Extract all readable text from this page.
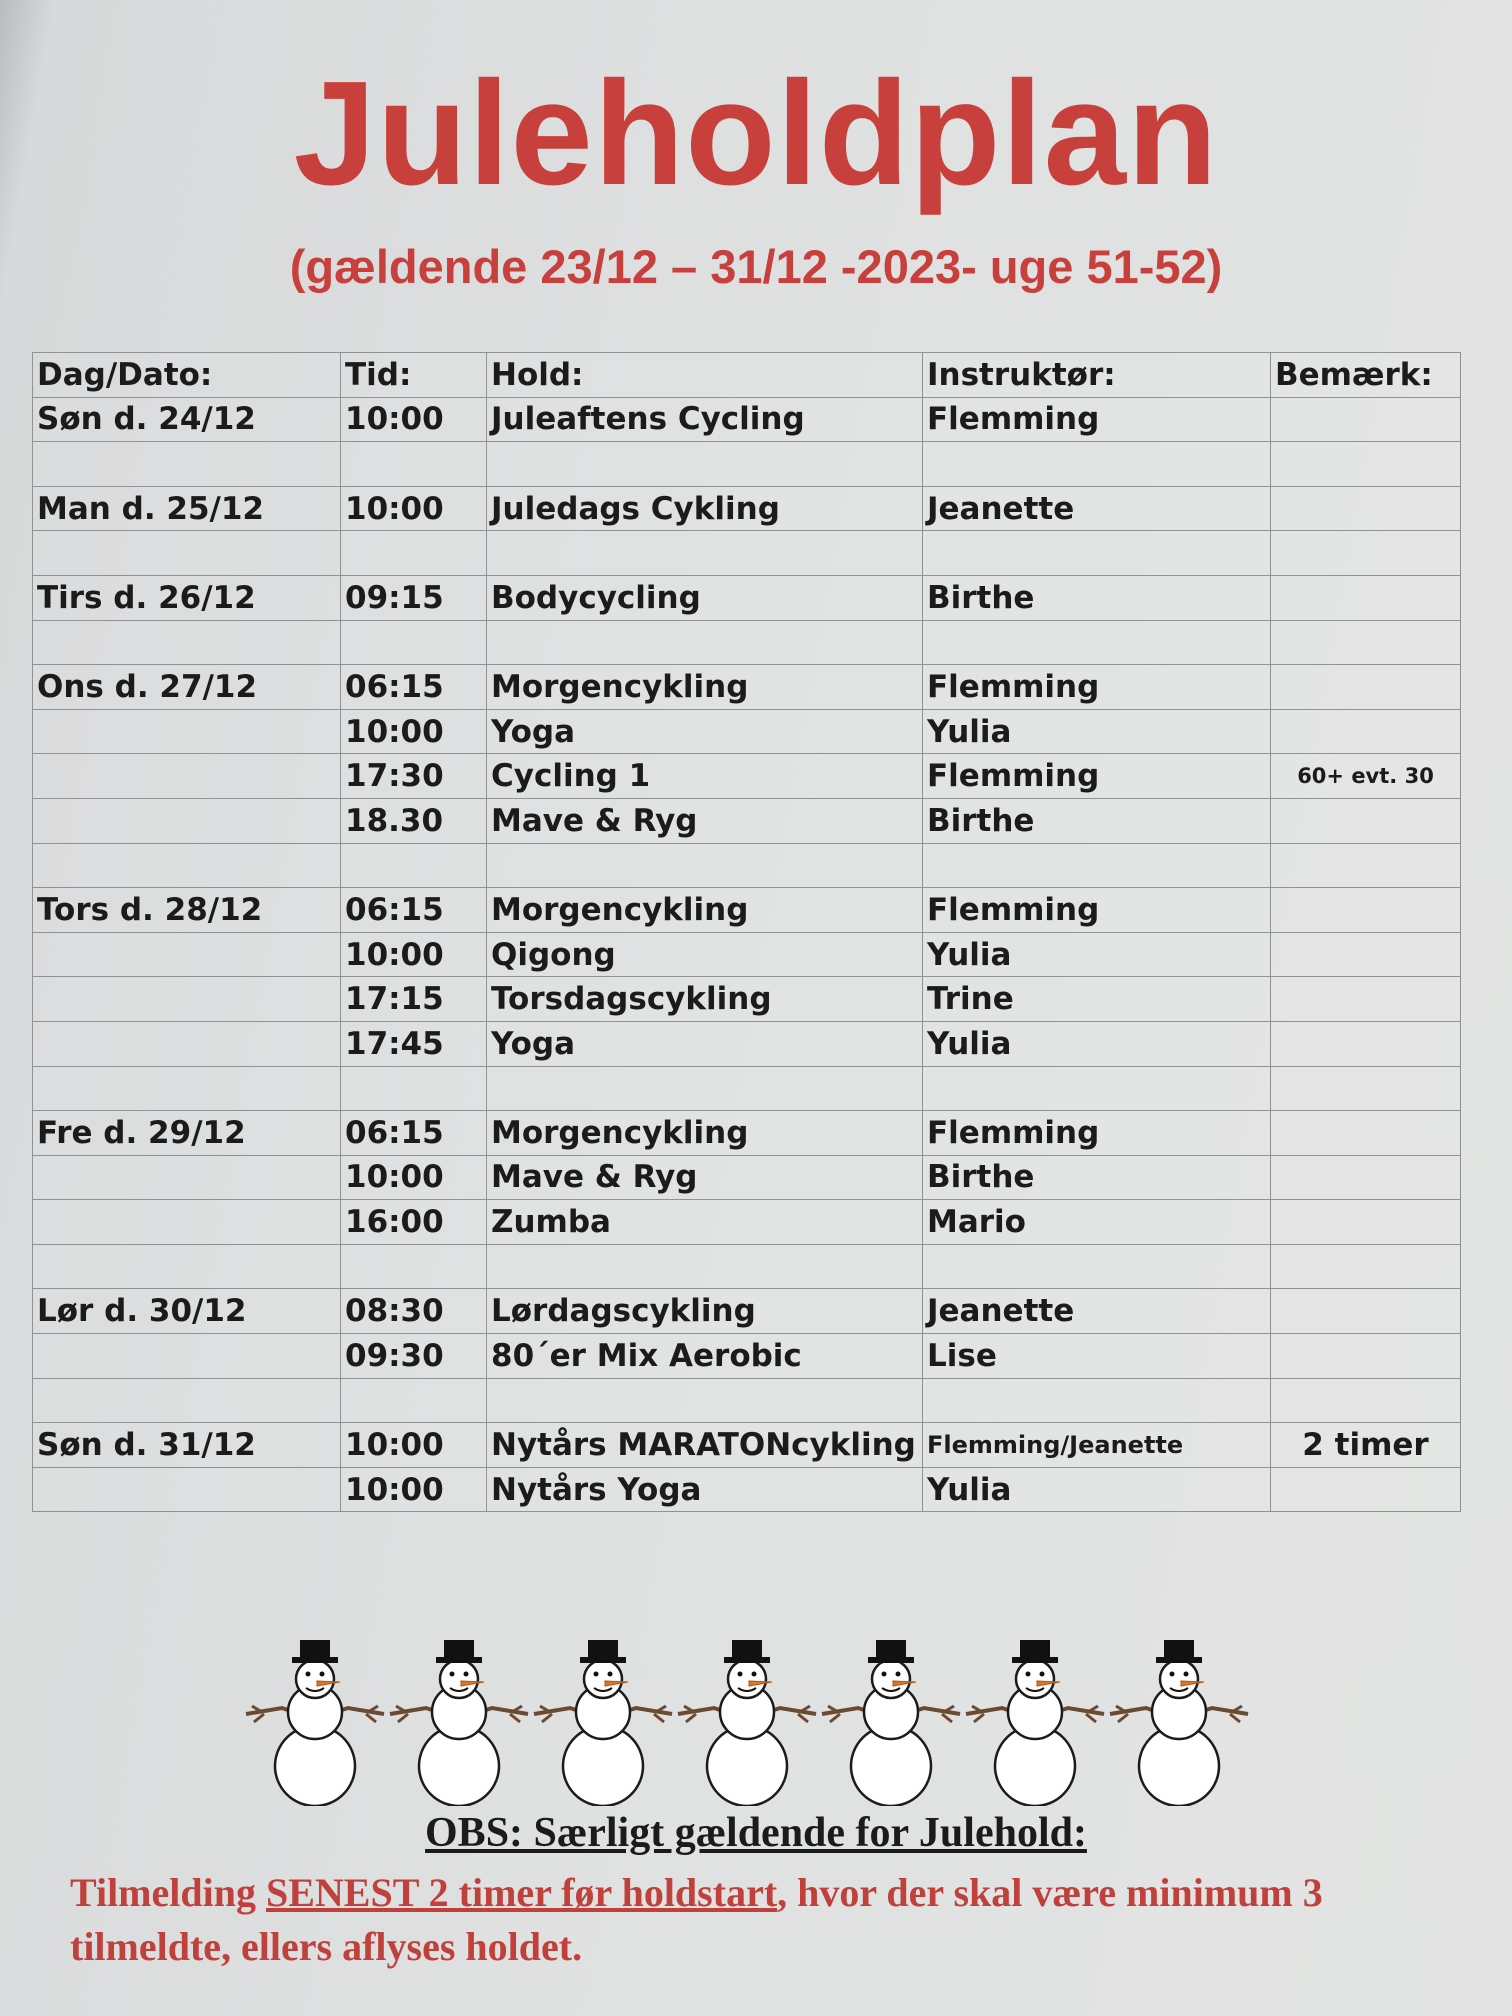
Juleholdplan
(gældende 23/12 – 31/12 -2023- uge 51-52)
Dag/Dato:	Tid:	Hold:	Instruktør:	Bemærk:
Søn d. 24/12	10:00	Juleaftens Cycling	Flemming	

Man d. 25/12	10:00	Juledags Cykling	Jeanette	

Tirs d. 26/12	09:15	Bodycycling	Birthe	

Ons d. 27/12	06:15	Morgencykling	Flemming	
	10:00	Yoga	Yulia	
	17:30	Cycling 1	Flemming	60+ evt. 30
	18.30	Mave & Ryg	Birthe	

Tors d. 28/12	06:15	Morgencykling	Flemming	
	10:00	Qigong	Yulia	
	17:15	Torsdagscykling	Trine	
	17:45	Yoga	Yulia	

Fre d. 29/12	06:15	Morgencykling	Flemming	
	10:00	Mave & Ryg	Birthe	
	16:00	Zumba	Mario	

Lør d. 30/12	08:30	Lørdagscykling	Jeanette	
	09:30	80´er Mix Aerobic	Lise	

Søn d. 31/12	10:00	Nytårs MARATONcykling	Flemming/Jeanette	2 timer
	10:00	Nytårs Yoga	Yulia	
OBS: Særligt gældende for Julehold:
Tilmelding SENEST 2 timer før holdstart, hvor der skal være minimum 3 tilmeldte, ellers aflyses holdet.
